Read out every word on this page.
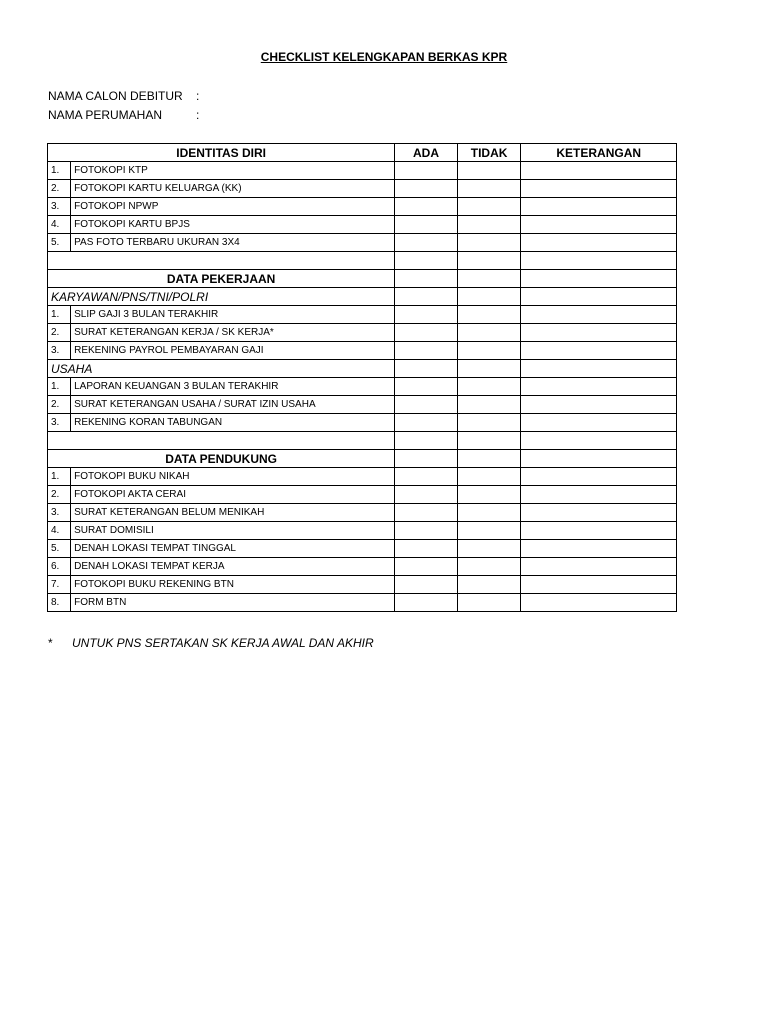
CHECKLIST KELENGKAPAN BERKAS KPR
NAMA CALON DEBITUR :
NAMA PERUMAHAN	:
IDENTITAS DIRI		ADA	TIDAK	KETERANGAN
1.	FOTOKOPI KTP			
2.	FOTOKOPI KARTU KELUARGA (KK)			
3.	FOTOKOPI NPWP			
4.	FOTOKOPI KARTU BPJS			
5.	PAS FOTO TERBARU UKURAN 3X4			

DATA PEKERJAAN				
KARYAWAN/PNS/TNI/POLRI				
1.	SLIP GAJI 3 BULAN TERAKHIR			
2.	SURAT KETERANGAN KERJA / SK KERJA*			
3.	REKENING PAYROL PEMBAYARAN GAJI			
USAHA				
1.	LAPORAN KEUANGAN 3 BULAN TERAKHIR			
2.	SURAT KETERANGAN USAHA / SURAT IZIN USAHA			
3.	REKENING KORAN TABUNGAN			

DATA PENDUKUNG				
1.	FOTOKOPI BUKU NIKAH			
2.	FOTOKOPI AKTA CERAI			
3.	SURAT KETERANGAN BELUM MENIKAH			
4.	SURAT DOMISILI			
5.	DENAH LOKASI TEMPAT TINGGAL			
6.	DENAH LOKASI TEMPAT KERJA			
7.	FOTOKOPI BUKU REKENING BTN			
8.	FORM BTN			
* UNTUK PNS SERTAKAN SK KERJA AWAL DAN AKHIR
